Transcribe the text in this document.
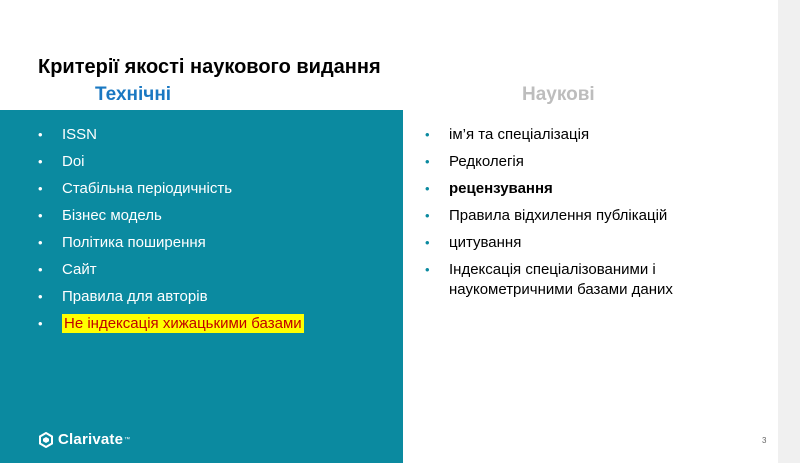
Критерії якості наукового видання
Технічні	Наукові
• ISSN
• Doi
• Стабільна періодичність
• Бізнес модель
• Політика поширення
• Сайт
• Правила для авторів
• Не індексація хижацькими базами
• ім’я та спеціалізація
• Редколегія
• рецензування
• Правила відхилення публікацій
• цитування
• Індексація спеціалізованими і наукометричними базами даних
Clarivate ™	3
